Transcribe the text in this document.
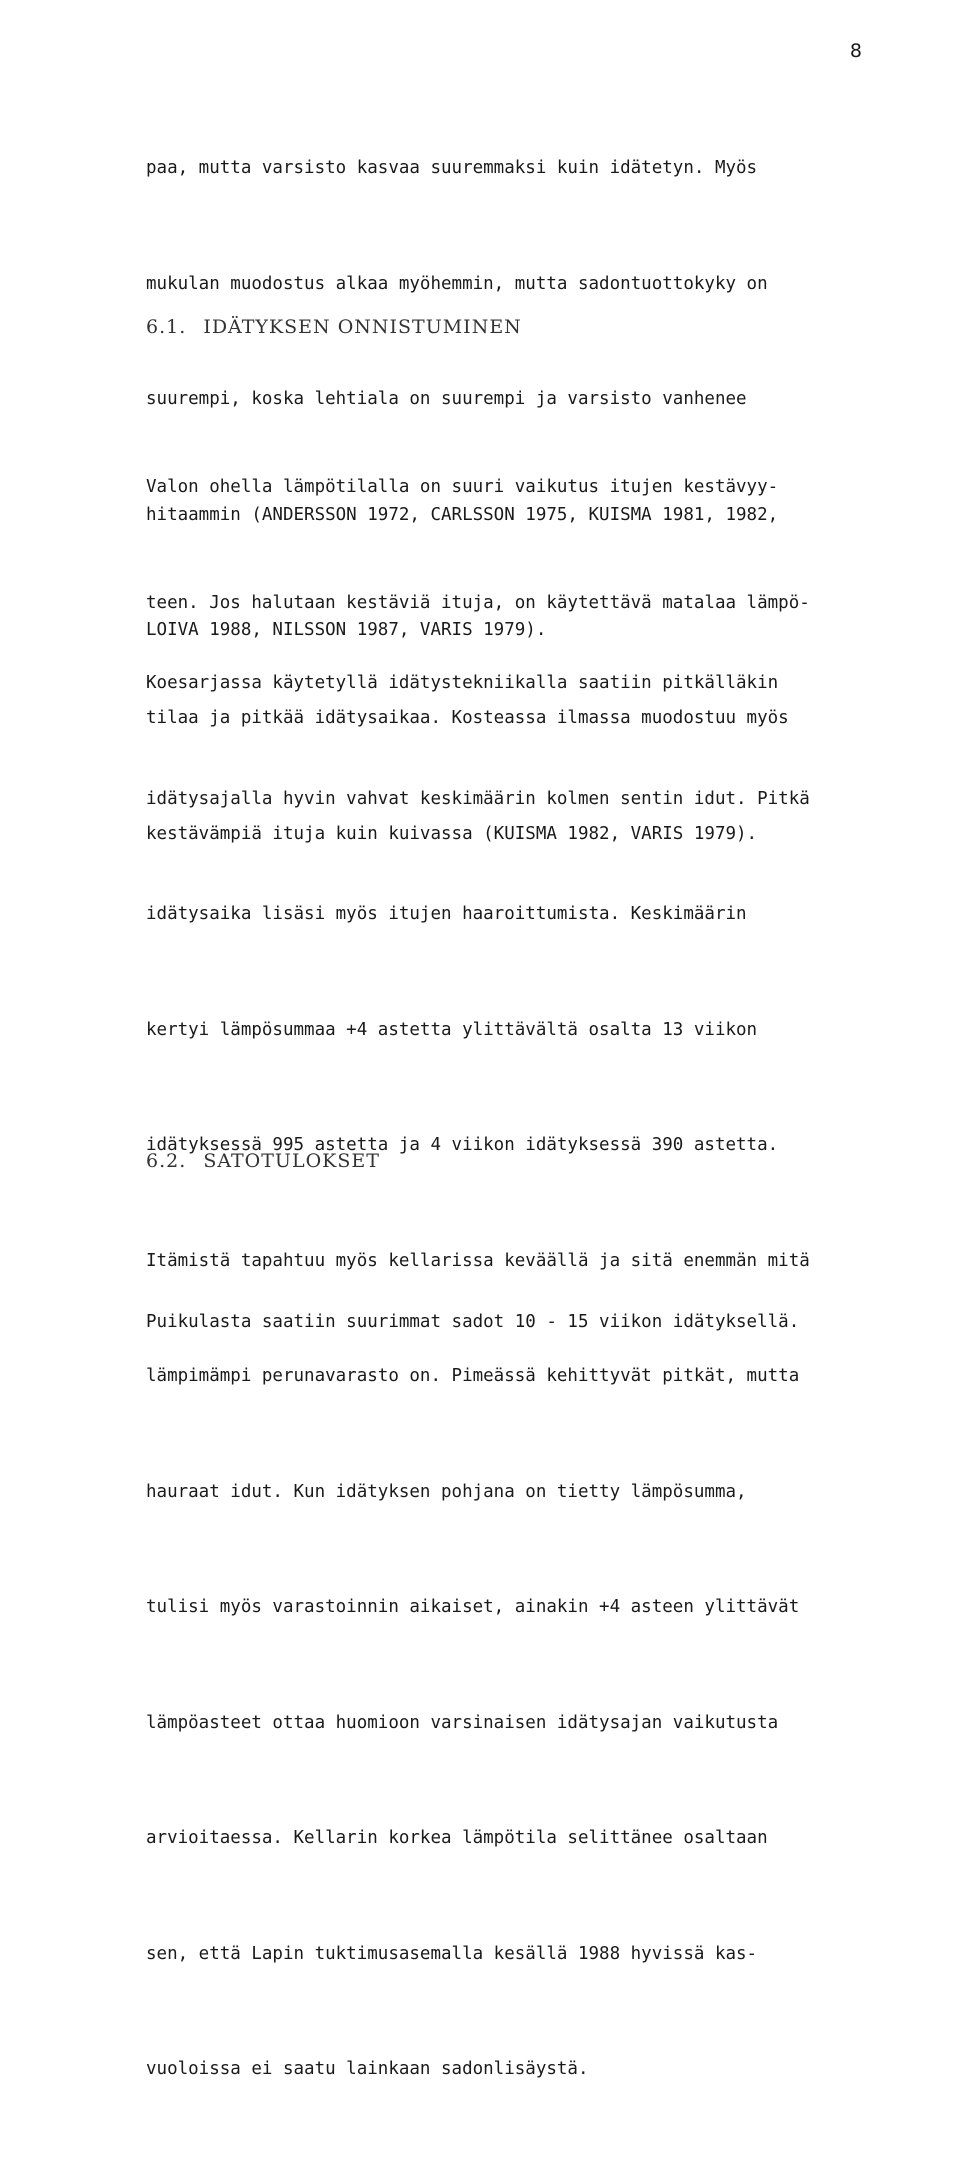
8

paa, mutta varsisto kasvaa suuremmaksi kuin idätetyn. Myös

mukulan muodostus alkaa myöhemmin, mutta sadontuottokyky on

suurempi, koska lehtiala on suurempi ja varsisto vanhenee

hitaammin (ANDERSSON 1972, CARLSSON 1975, KUISMA 1981, 1982,

LOIVA 1988, NILSSON 1987, VARIS 1979).

6.1. IDÄTYKSEN ONNISTUMINEN

Valon ohella lämpötilalla on suuri vaikutus itujen kestävyy-

teen. Jos halutaan kestäviä ituja, on käytettävä matalaa lämpö-

tilaa ja pitkää idätysaikaa. Kosteassa ilmassa muodostuu myös

kestävämpiä ituja kuin kuivassa (KUISMA 1982, VARIS 1979).

Koesarjassa käytetyllä idätystekniikalla saatiin pitkälläkin

idätysajalla hyvin vahvat keskimäärin kolmen sentin idut. Pitkä

idätysaika lisäsi myös itujen haaroittumista. Keskimäärin

kertyi lämpösummaa +4 astetta ylittävältä osalta 13 viikon

idätyksessä 995 astetta ja 4 viikon idätyksessä 390 astetta.

Itämistä tapahtuu myös kellarissa keväällä ja sitä enemmän mitä

lämpimämpi perunavarasto on. Pimeässä kehittyvät pitkät, mutta

hauraat idut. Kun idätyksen pohjana on tietty lämpösumma,

tulisi myös varastoinnin aikaiset, ainakin +4 asteen ylittävät

lämpöasteet ottaa huomioon varsinaisen idätysajan vaikutusta

arvioitaessa. Kellarin korkea lämpötila selittänee osaltaan

sen, että Lapin tuktimusasemalla kesällä 1988 hyvissä kas-

vuoloissa ei saatu lainkaan sadonlisäystä.

6.2. SATOTULOKSET

Puikulasta saatiin suurimmat sadot 10 - 15 viikon idätyksellä.
